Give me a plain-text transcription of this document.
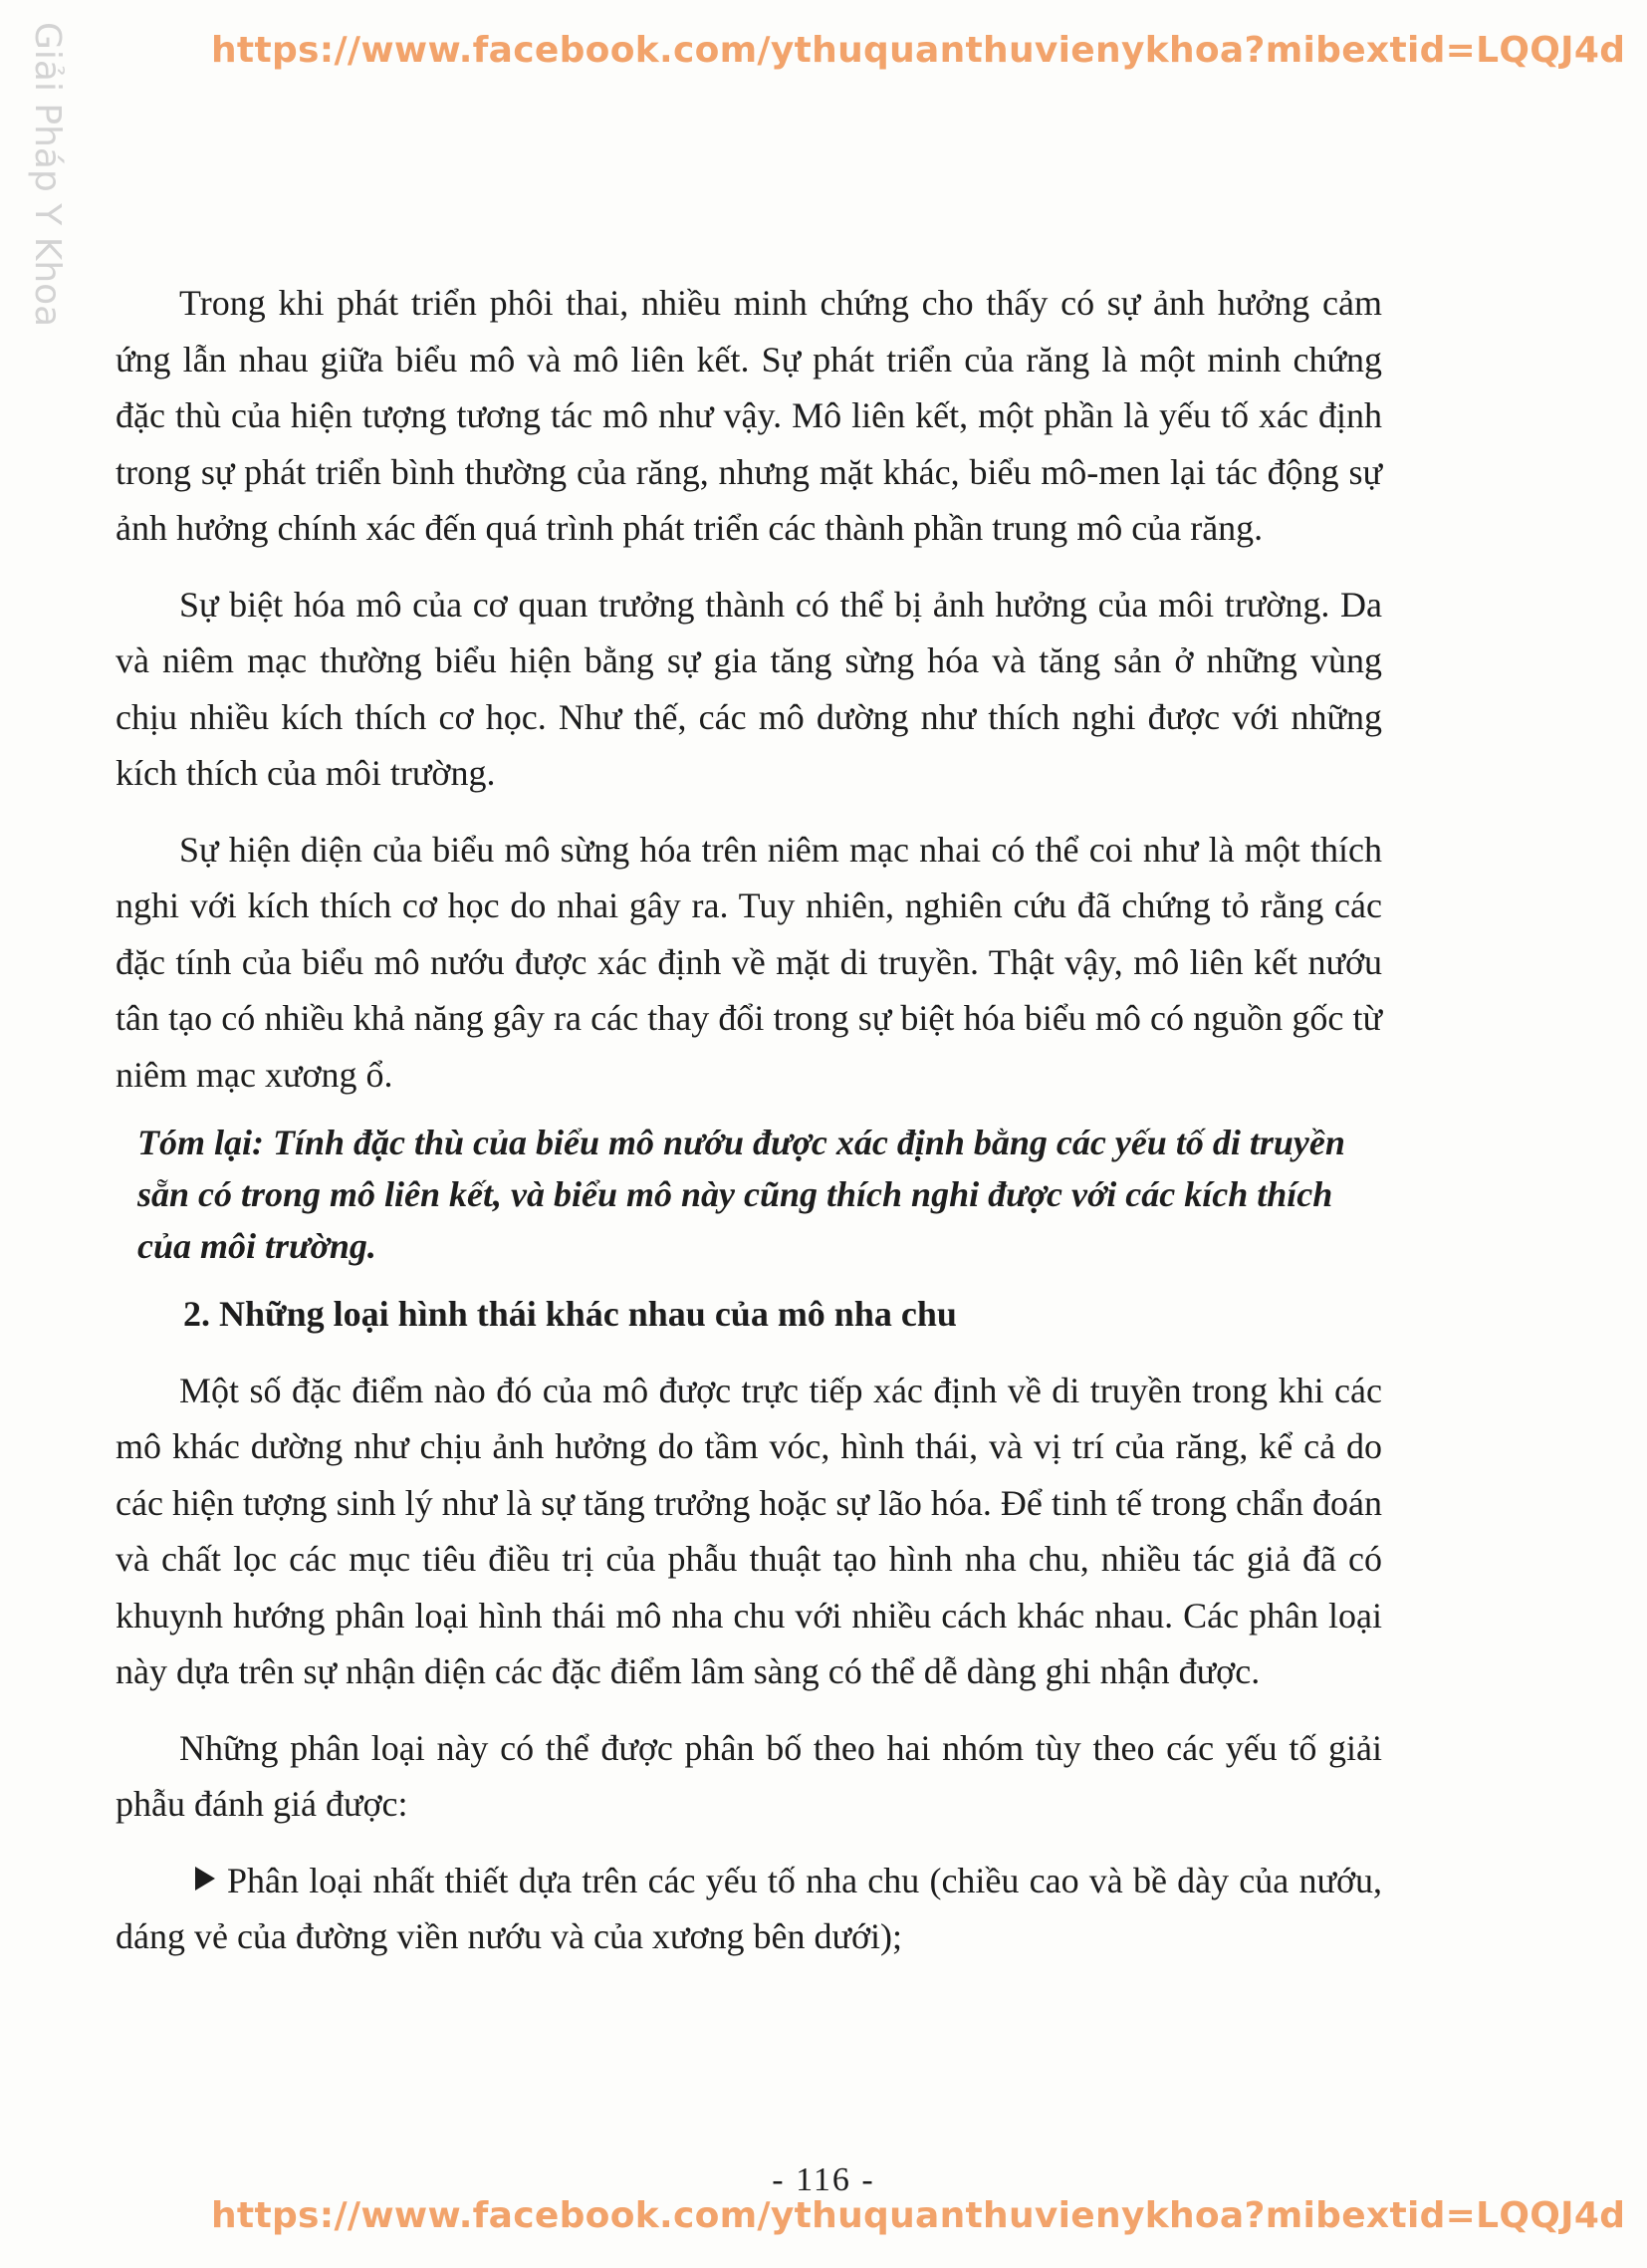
https://www.facebook.com/ythuquanthuvienykhoa?mibextid=LQQJ4d
Giải Pháp Y Khoa	Trong khi phát triển phôi thai, nhiều minh chứng cho thấy có sự ảnh hưởng cảm ứng lẫn nhau giữa biểu mô và mô liên kết. Sự phát triển của răng là một minh chứng đặc thù của hiện tượng tương tác mô như vậy. Mô liên kết, một phần là yếu tố xác định trong sự phát triển bình thường của răng, nhưng mặt khác, biểu mô-men lại tác động sự ảnh hưởng chính xác đến quá trình phát triển các thành phần trung mô của răng.

Sự biệt hóa mô của cơ quan trưởng thành có thể bị ảnh hưởng của môi trường. Da và niêm mạc thường biểu hiện bằng sự gia tăng sừng hóa và tăng sản ở những vùng chịu nhiều kích thích cơ học. Như thế, các mô dường như thích nghi được với những kích thích của môi trường.

Sự hiện diện của biểu mô sừng hóa trên niêm mạc nhai có thể coi như là một thích nghi với kích thích cơ học do nhai gây ra. Tuy nhiên, nghiên cứu đã chứng tỏ rằng các đặc tính của biểu mô nướu được xác định về mặt di truyền. Thật vậy, mô liên kết nướu tân tạo có nhiều khả năng gây ra các thay đổi trong sự biệt hóa biểu mô có nguồn gốc từ niêm mạc xương ổ.

Tóm lại: Tính đặc thù của biểu mô nướu được xác định bằng các yếu tố di truyền sẵn có trong mô liên kết, và biểu mô này cũng thích nghi được với các kích thích của môi trường.

2. Những loại hình thái khác nhau của mô nha chu

Một số đặc điểm nào đó của mô được trực tiếp xác định về di truyền trong khi các mô khác dường như chịu ảnh hưởng do tầm vóc, hình thái, và vị trí của răng, kể cả do các hiện tượng sinh lý như là sự tăng trưởng hoặc sự lão hóa. Để tinh tế trong chẩn đoán và chất lọc các mục tiêu điều trị của phẫu thuật tạo hình nha chu, nhiều tác giả đã có khuynh hướng phân loại hình thái mô nha chu với nhiều cách khác nhau. Các phân loại này dựa trên sự nhận diện các đặc điểm lâm sàng có thể dễ dàng ghi nhận được.

Những phân loại này có thể được phân bố theo hai nhóm tùy theo các yếu tố giải phẫu đánh giá được:

Phân loại nhất thiết dựa trên các yếu tố nha chu (chiều cao và bề dày của nướu, dáng vẻ của đường viền nướu và của xương bên dưới);

- 116 -
https://www.facebook.com/ythuquanthuvienykhoa?mibextid=LQQJ4d
